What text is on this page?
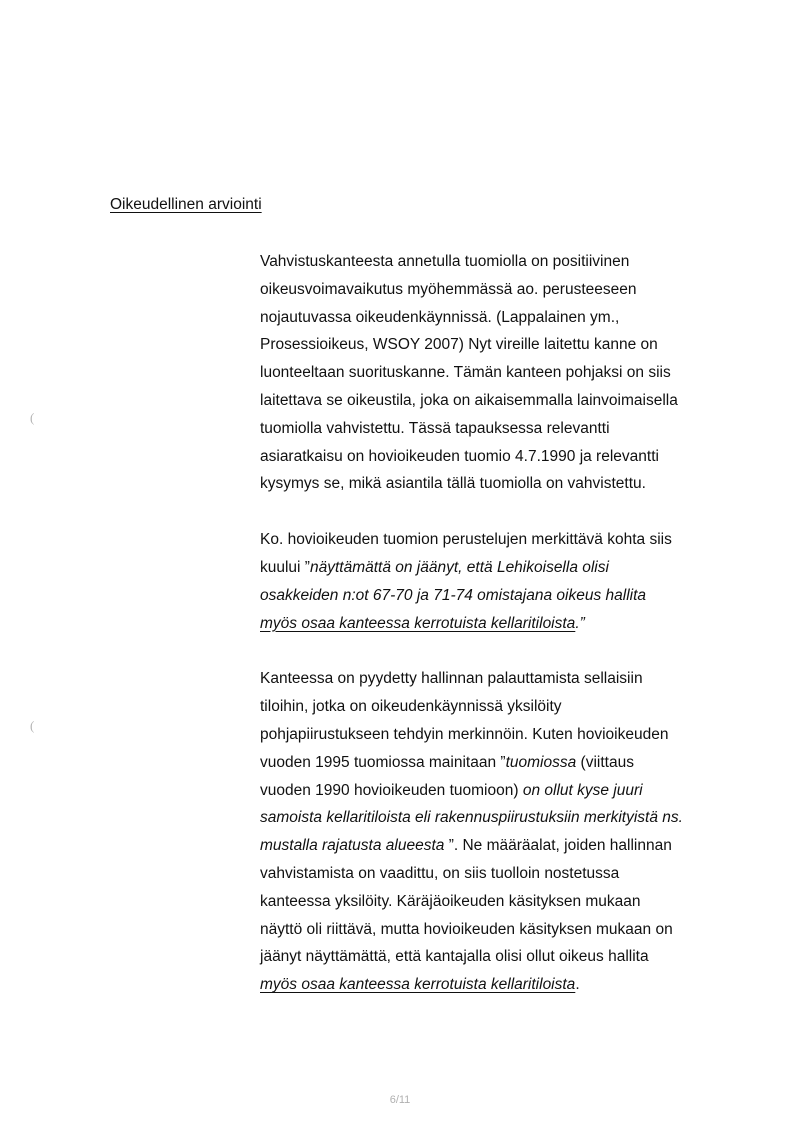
Oikeudellinen arviointi
Vahvistuskanteesta annetulla tuomiolla on positiivinen
oikeusvoimavaikutus myöhemmässä ao. perusteeseen
nojautuvassa oikeudenkäynnissä. (Lappalainen ym.,
Prosessioikeus, WSOY 2007) Nyt vireille laitettu kanne on
luonteeltaan suorituskanne. Tämän kanteen pohjaksi on siis
laitettava se oikeustila, joka on aikaisemmalla lainvoimaisella
tuomiolla vahvistettu. Tässä tapauksessa relevantti
asiaratkaisu on hovioikeuden tuomio 4.7.1990 ja relevantti
kysymys se, mikä asiantila tällä tuomiolla on vahvistettu.
Ko. hovioikeuden tuomion perustelujen merkittävä kohta siis
kuului ”näyttämättä on jäänyt, että Lehikoisella olisi
osakkeiden n:ot 67-70 ja 71-74 omistajana oikeus hallita
myös osaa kanteessa kerrotuista kellaritiloista.”
Kanteessa on pyydetty hallinnan palauttamista sellaisiin
tiloihin, jotka on oikeudenkäynnissä yksilöity
pohjapiirustukseen tehdyin merkinnöin. Kuten hovioikeuden
vuoden 1995 tuomiossa mainitaan ”tuomiossa (viittaus
vuoden 1990 hovioikeuden tuomioon) on ollut kyse juuri
samoista kellaritiloista eli rakennuspiirustuksiin merkityistä ns.
mustalla rajatusta alueesta ”. Ne määräalat, joiden hallinnan
vahvistamista on vaadittu, on siis tuolloin nostetussa
kanteessa yksilöity. Käräjäoikeuden käsityksen mukaan
näyttö oli riittävä, mutta hovioikeuden käsityksen mukaan on
jäänyt näyttämättä, että kantajalla olisi ollut oikeus hallita
myös osaa kanteessa kerrotuista kellaritiloista.
(
(
6/11
